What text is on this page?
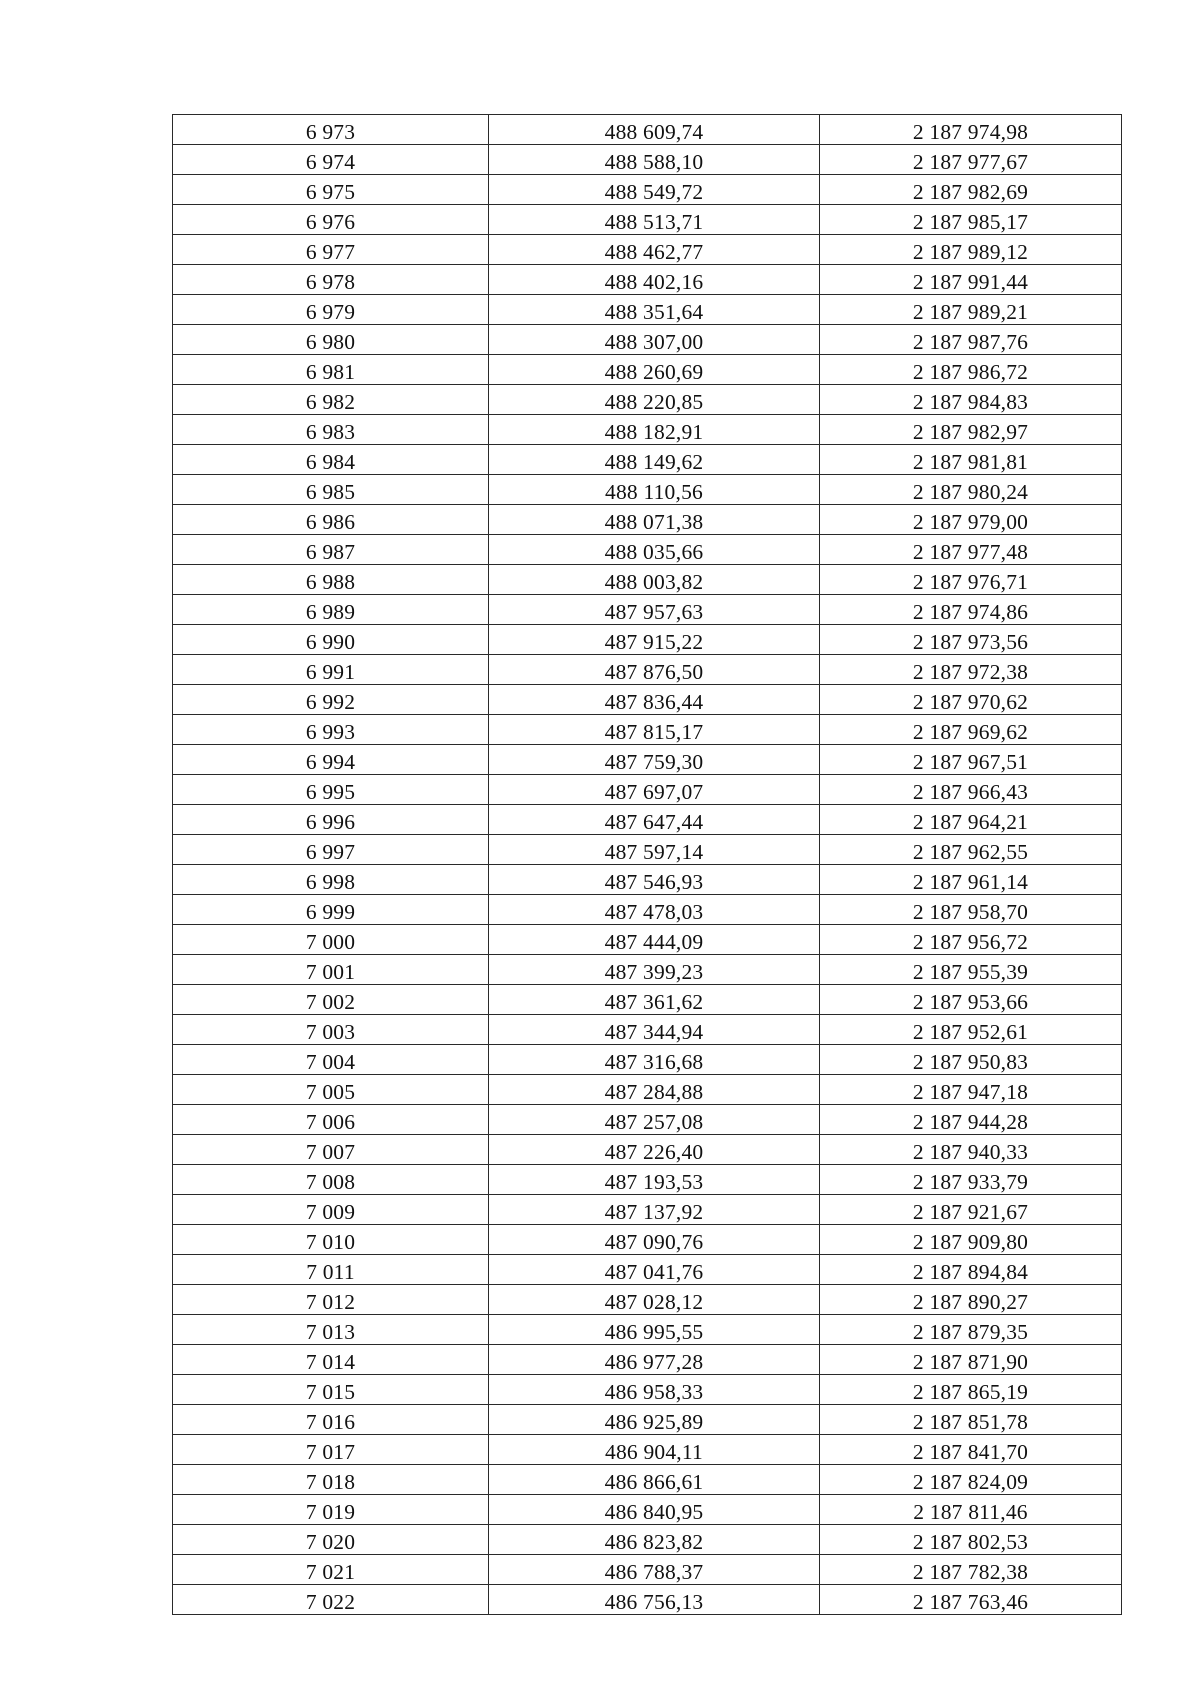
6 973	488 609,74	2 187 974,98
6 974	488 588,10	2 187 977,67
6 975	488 549,72	2 187 982,69
6 976	488 513,71	2 187 985,17
6 977	488 462,77	2 187 989,12
6 978	488 402,16	2 187 991,44
6 979	488 351,64	2 187 989,21
6 980	488 307,00	2 187 987,76
6 981	488 260,69	2 187 986,72
6 982	488 220,85	2 187 984,83
6 983	488 182,91	2 187 982,97
6 984	488 149,62	2 187 981,81
6 985	488 110,56	2 187 980,24
6 986	488 071,38	2 187 979,00
6 987	488 035,66	2 187 977,48
6 988	488 003,82	2 187 976,71
6 989	487 957,63	2 187 974,86
6 990	487 915,22	2 187 973,56
6 991	487 876,50	2 187 972,38
6 992	487 836,44	2 187 970,62
6 993	487 815,17	2 187 969,62
6 994	487 759,30	2 187 967,51
6 995	487 697,07	2 187 966,43
6 996	487 647,44	2 187 964,21
6 997	487 597,14	2 187 962,55
6 998	487 546,93	2 187 961,14
6 999	487 478,03	2 187 958,70
7 000	487 444,09	2 187 956,72
7 001	487 399,23	2 187 955,39
7 002	487 361,62	2 187 953,66
7 003	487 344,94	2 187 952,61
7 004	487 316,68	2 187 950,83
7 005	487 284,88	2 187 947,18
7 006	487 257,08	2 187 944,28
7 007	487 226,40	2 187 940,33
7 008	487 193,53	2 187 933,79
7 009	487 137,92	2 187 921,67
7 010	487 090,76	2 187 909,80
7 011	487 041,76	2 187 894,84
7 012	487 028,12	2 187 890,27
7 013	486 995,55	2 187 879,35
7 014	486 977,28	2 187 871,90
7 015	486 958,33	2 187 865,19
7 016	486 925,89	2 187 851,78
7 017	486 904,11	2 187 841,70
7 018	486 866,61	2 187 824,09
7 019	486 840,95	2 187 811,46
7 020	486 823,82	2 187 802,53
7 021	486 788,37	2 187 782,38
7 022	486 756,13	2 187 763,46
